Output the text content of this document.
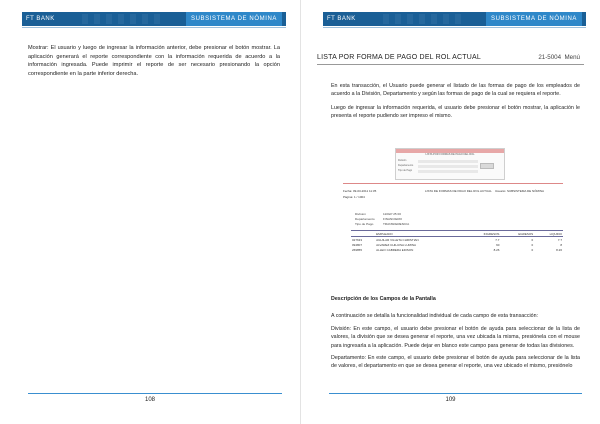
FT BANK	SUBSISTEMA DE NÓMINA
Mostrar: El usuario y luego de ingresar la información anterior, debe presionar el botón mostrar. La aplicación generará el reporte correspondiente con la información requerida de acuerdo a la información ingresada. Puede imprimir el reporte de ser necesario presionando la opción correspondiente en la parte inferior derecha.
108
FT BANK	SUBSISTEMA DE NÓMINA
LISTA POR FORMA DE PAGO DEL ROL ACTUAL	21-5004 Menú
En esta transacción, el Usuario puede generar el listado de las formas de pago de los empleados de acuerdo a la División, Departamento y según las formas de pago de la cual se requiera el reporte.
Luego de ingresar la información requerida, el usuario debe presionar el botón mostrar, la aplicación le presenta el reporte pudiendo ser impreso el mismo.
LISTA POR FORMAS DE PAGO DEL ROL
División
Departamento
Tipo de Pago
Fecha: 09-03-2011 11:35	LISTA DE FORMAS DE PAGO DEL ROL ACTUAL Usuario: SUBSISTEMA DE NÓMINA
Página: 1 / 1004
Division	110GP 25 00
Departamento	FINANCIERO
Tipo de Pago	TRANSFERENCIA
	EMPLEADO	INGRESOS	EGRESOS	LIQUIDO
027633	AGUILAR VILLETA CHRISTIAN	7.7	0	7.7
094807	ALVAREZ CHILUISA LUMINA	60	0	8
269855	ALLEO CABRERA EDISON	8.26	0	8.26
Descripción de los Campos de la Pantalla
A continuación se detalla la funcionalidad individual de cada campo de esta transacción:
División: En este campo, el usuario debe presionar el botón de ayuda para seleccionar de la lista de valores, la división que se desea generar el reporte, una vez ubicada la misma, presiónela con el mouse para ingresarla a la aplicación. Puede dejar en blanco este campo para generar de todas las divisiones.
Departamento: En este campo, el usuario debe presionar el botón de ayuda para seleccionar de la lista de valores, el departamento en que se desea generar el reporte, una vez ubicado el mismo, presiónelo
109
